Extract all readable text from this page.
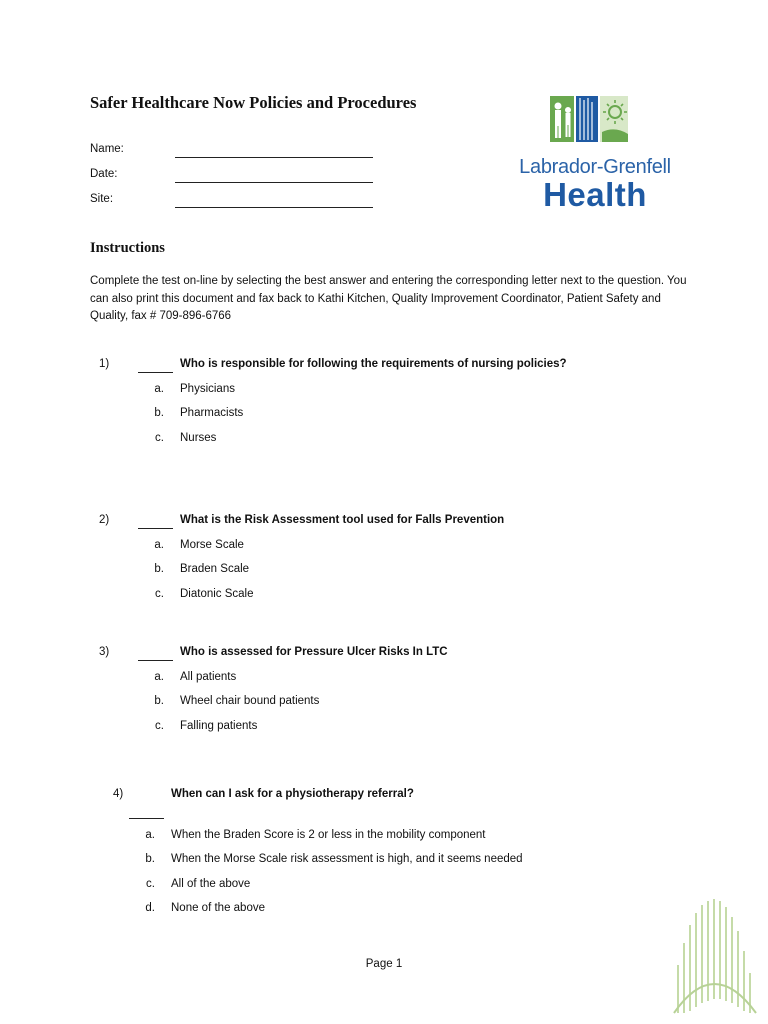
Safer Healthcare Now Policies and Procedures
Name:
Date:
Site:
Labrador-Grenfell
Health
Instructions
Complete the test on-line by selecting the best answer and entering the corresponding letter next to the question. You can also print this document and fax back to Kathi Kitchen, Quality Improvement Coordinator, Patient Safety and Quality, fax # 709-896-6766
1)	Who is responsible for following the requirements of nursing policies?
a. Physicians
b. Pharmacists
c. Nurses
2)	What is the Risk Assessment tool used for Falls Prevention
a. Morse Scale
b. Braden Scale
c. Diatonic Scale
3)	Who is assessed for Pressure Ulcer Risks In LTC
a. All patients
b. Wheel chair bound patients
c. Falling patients
4)	When can I ask for a physiotherapy referral?
a. When the Braden Score is 2 or less in the mobility component
b. When the Morse Scale risk assessment is high, and it seems needed
c. All of the above
d. None of the above
Page 1
